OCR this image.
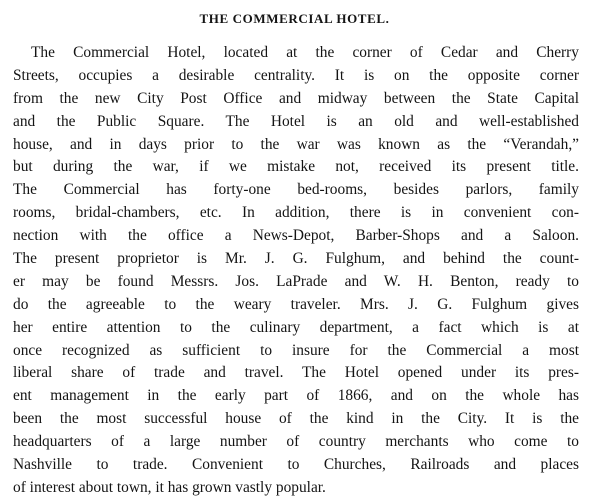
THE COMMERCIAL HOTEL.
The Commercial Hotel, located at the corner of Cedar and Cherry
Streets, occupies a desirable centrality. It is on the opposite corner
from the new City Post Office and midway between the State Capital
and the Public Square. The Hotel is an old and well-established
house, and in days prior to the war was known as the “Verandah,”
but during the war, if we mistake not, received its present title.
The Commercial has forty-one bed-rooms, besides parlors, family
rooms, bridal-chambers, etc. In addition, there is in convenient con-
nection with the office a News-Depot, Barber-Shops and a Saloon.
The present proprietor is Mr. J. G. Fulghum, and behind the count-
er may be found Messrs. Jos. LaPrade and W. H. Benton, ready to
do the agreeable to the weary traveler. Mrs. J. G. Fulghum gives
her entire attention to the culinary department, a fact which is at
once recognized as sufficient to insure for the Commercial a most
liberal share of trade and travel. The Hotel opened under its pres-
ent management in the early part of 1866, and on the whole has
been the most successful house of the kind in the City. It is the
headquarters of a large number of country merchants who come to
Nashville to trade. Convenient to Churches, Railroads and places
of interest about town, it has grown vastly popular.
